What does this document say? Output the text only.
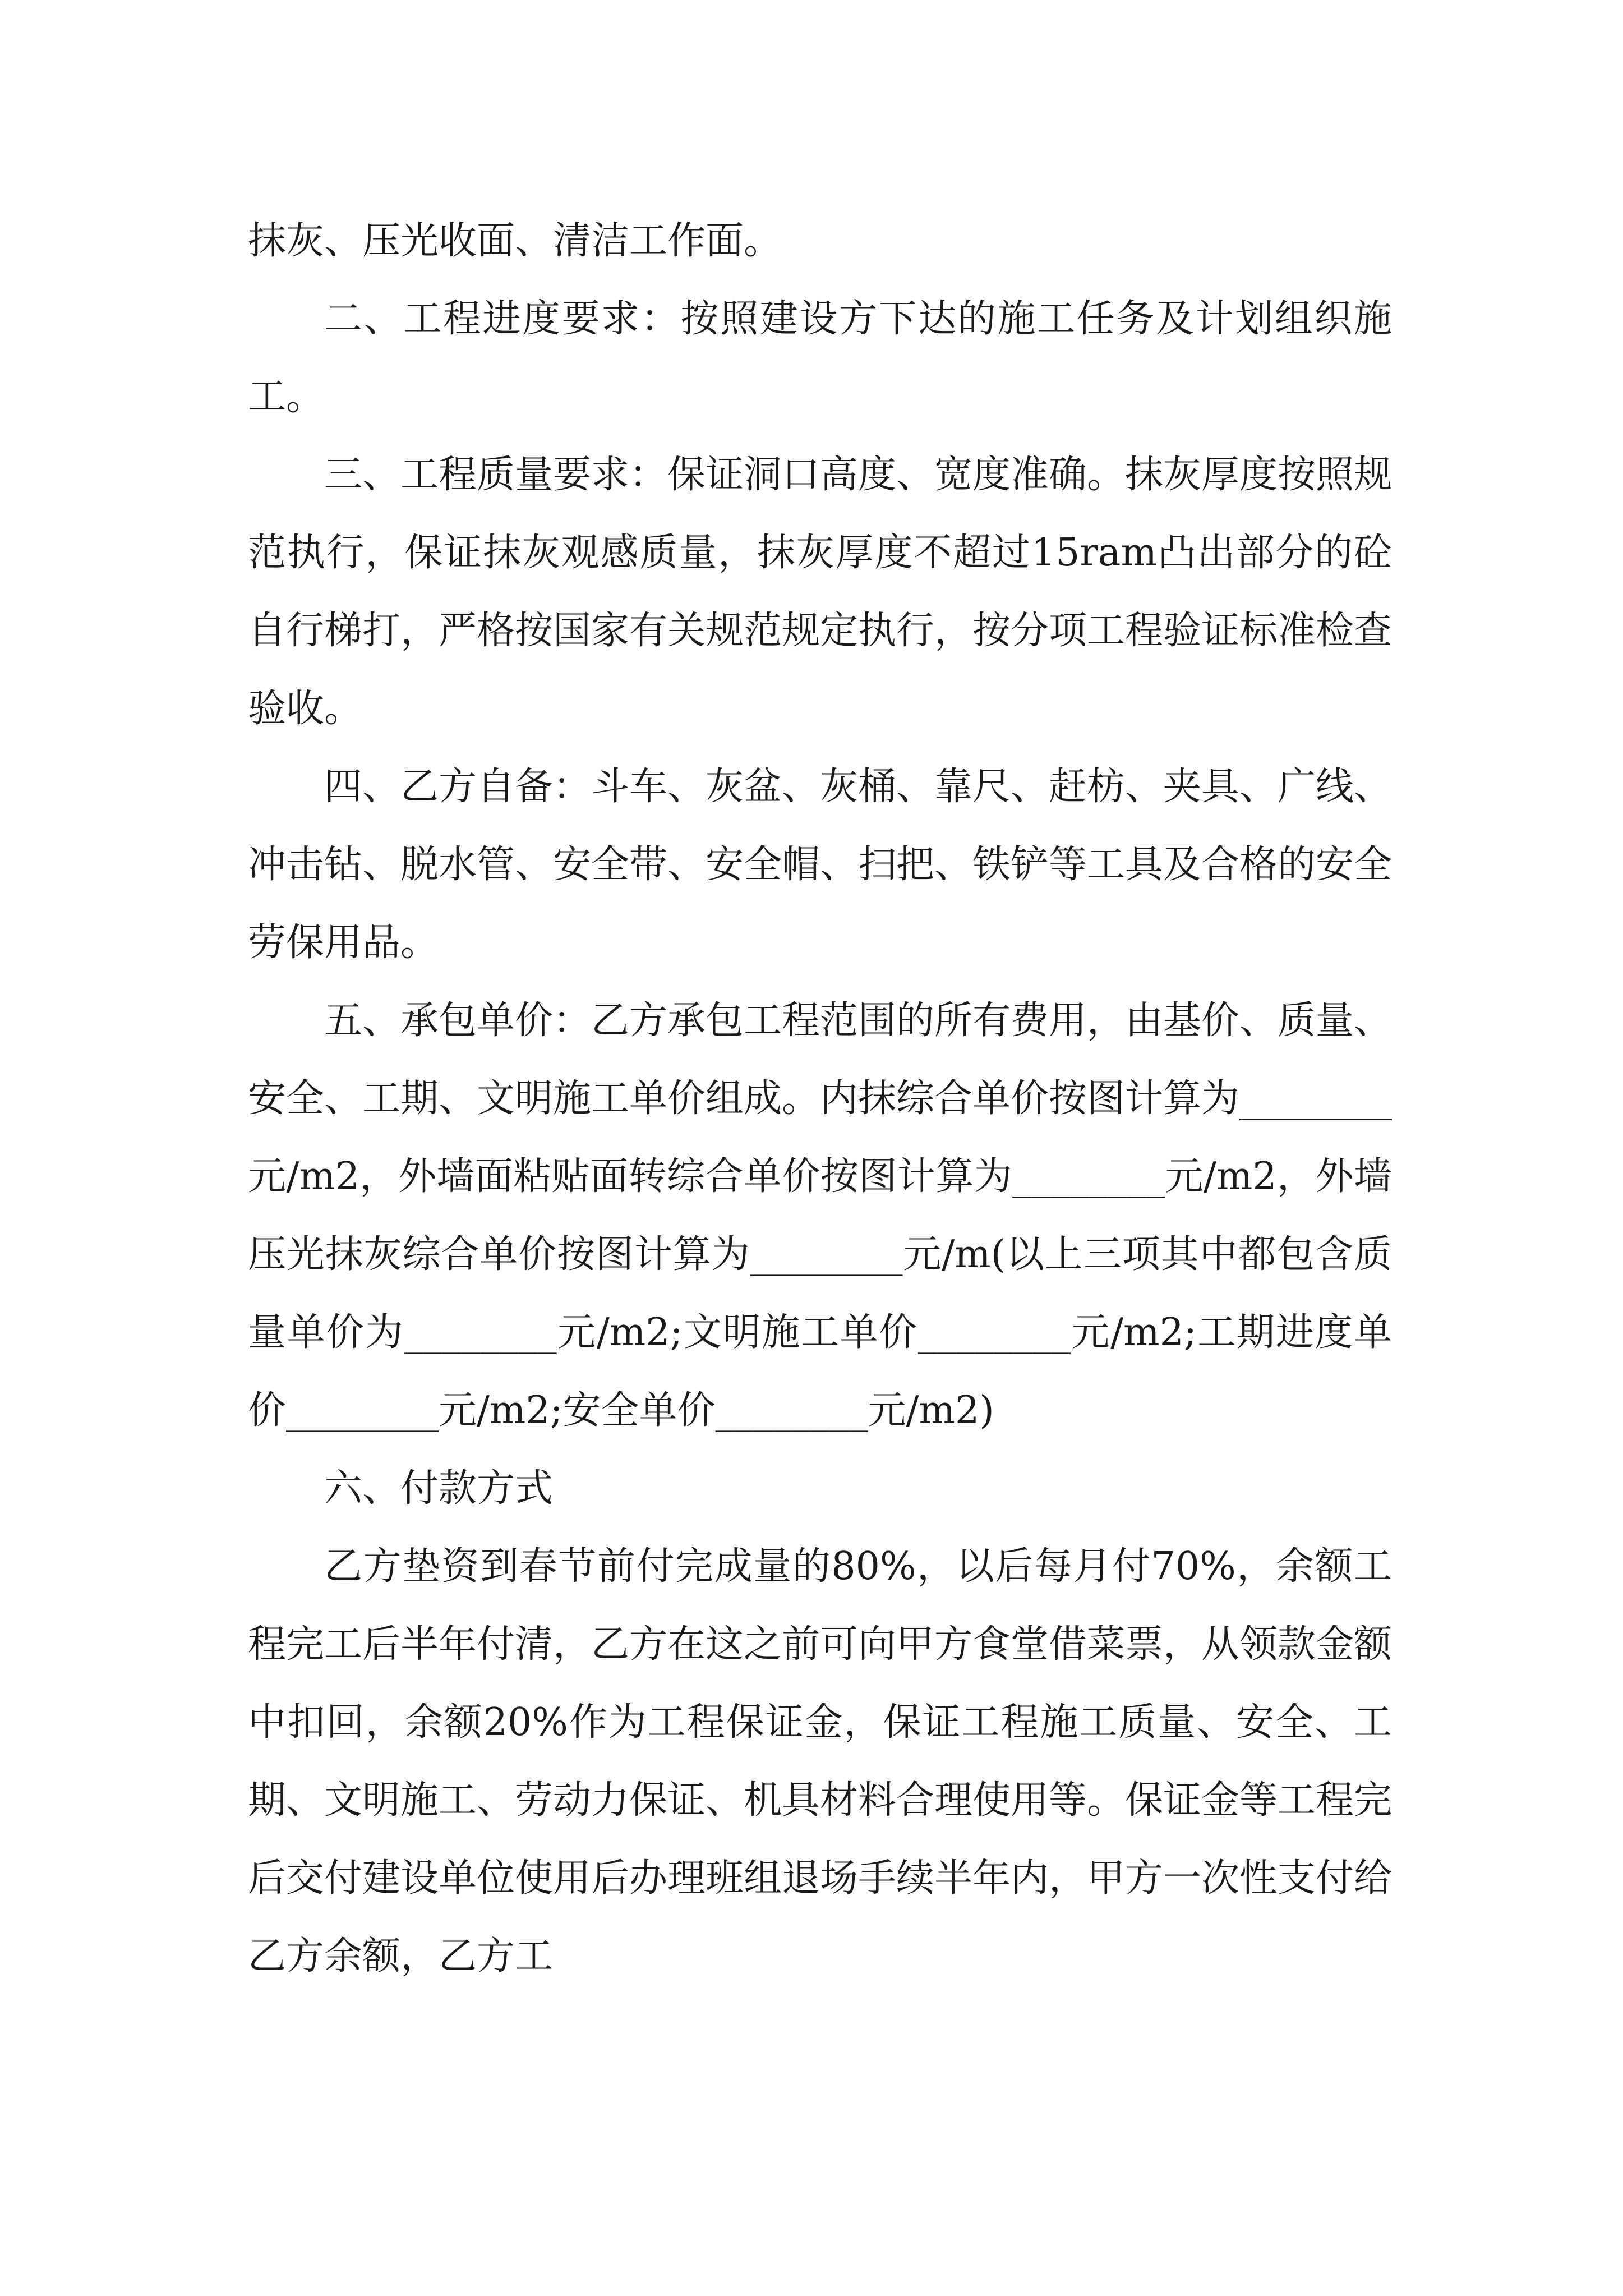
抹灰、压光收面、清洁工作面。

二、工程进度要求：按照建设方下达的施工任务及计划组织施工。

三、工程质量要求：保证洞口高度、宽度准确。抹灰厚度按照规范执行，保证抹灰观感质量，抹灰厚度不超过15ram凸出部分的砼自行梯打，严格按国家有关规范规定执行，按分项工程验证标准检查验收。

四、乙方自备：斗车、灰盆、灰桶、靠尺、赶枋、夹具、广线、冲击钻、脱水管、安全带、安全帽、扫把、铁铲等工具及合格的安全劳保用品。

五、承包单价：乙方承包工程范围的所有费用，由基价、质量、安全、工期、文明施工单价组成。内抹综合单价按图计算为________元/m2，外墙面粘贴面转综合单价按图计算为________元/m2，外墙压光抹灰综合单价按图计算为________元/m(以上三项其中都包含质量单价为________元/m2;文明施工单价________元/m2;工期进度单价________元/m2;安全单价________元/m2)

六、付款方式

乙方垫资到春节前付完成量的80%，以后每月付70%，余额工程完工后半年付清，乙方在这之前可向甲方食堂借菜票，从领款金额中扣回，余额20%作为工程保证金，保证工程施工质量、安全、工期、文明施工、劳动力保证、机具材料合理使用等。保证金等工程完后交付建设单位使用后办理班组退场手续半年内，甲方一次性支付给乙方余额，乙方工
